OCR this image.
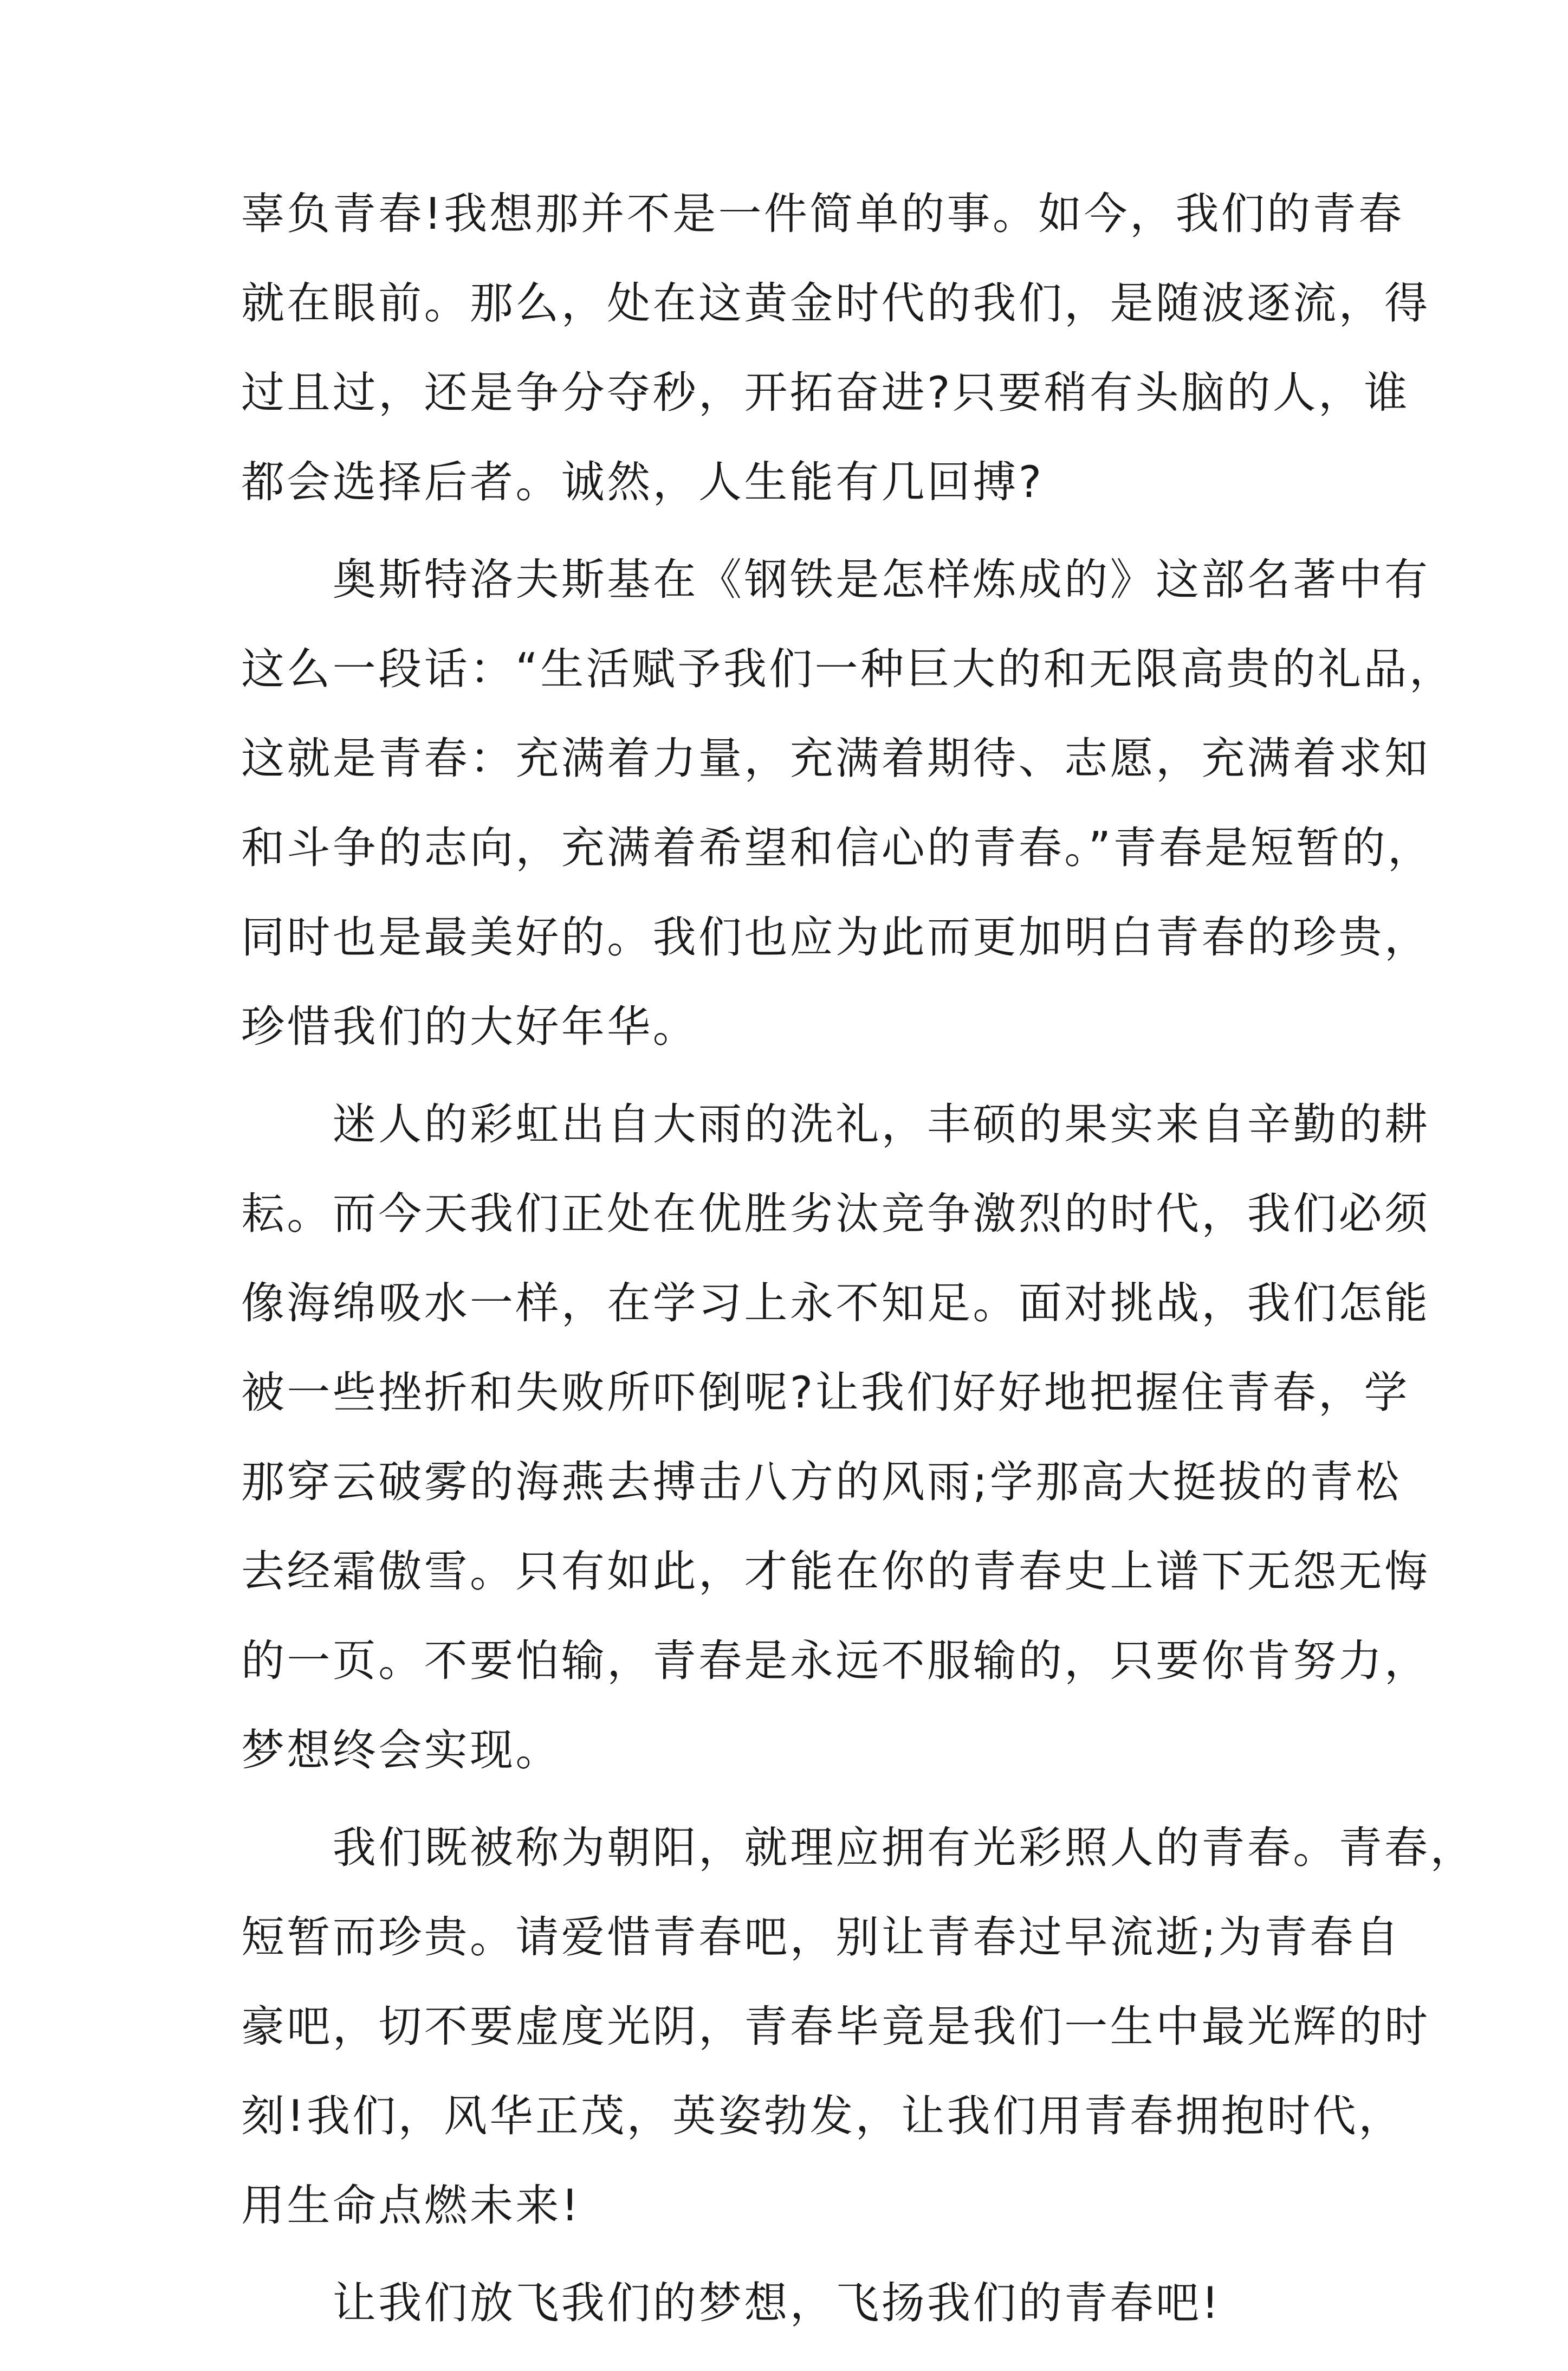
辜负青春!我想那并不是一件简单的事。如今，我们的青春
就在眼前。那么，处在这黄金时代的我们，是随波逐流，得
过且过，还是争分夺秒，开拓奋进?只要稍有头脑的人，谁
都会选择后者。诚然，人生能有几回搏?
　　奥斯特洛夫斯基在《钢铁是怎样炼成的》这部名著中有
这么一段话：“生活赋予我们一种巨大的和无限高贵的礼品，
这就是青春：充满着力量，充满着期待、志愿，充满着求知
和斗争的志向，充满着希望和信心的青春。”青春是短暂的，
同时也是最美好的。我们也应为此而更加明白青春的珍贵，
珍惜我们的大好年华。
　　迷人的彩虹出自大雨的洗礼，丰硕的果实来自辛勤的耕
耘。而今天我们正处在优胜劣汰竞争激烈的时代，我们必须
像海绵吸水一样，在学习上永不知足。面对挑战，我们怎能
被一些挫折和失败所吓倒呢?让我们好好地把握住青春，学
那穿云破雾的海燕去搏击八方的风雨;学那高大挺拔的青松
去经霜傲雪。只有如此，才能在你的青春史上谱下无怨无悔
的一页。不要怕输，青春是永远不服输的，只要你肯努力，
梦想终会实现。
　　我们既被称为朝阳，就理应拥有光彩照人的青春。青春，
短暂而珍贵。请爱惜青春吧，别让青春过早流逝;为青春自
豪吧，切不要虚度光阴，青春毕竟是我们一生中最光辉的时
刻!我们，风华正茂，英姿勃发，让我们用青春拥抱时代，
用生命点燃未来!
　　让我们放飞我们的梦想，飞扬我们的青春吧!
